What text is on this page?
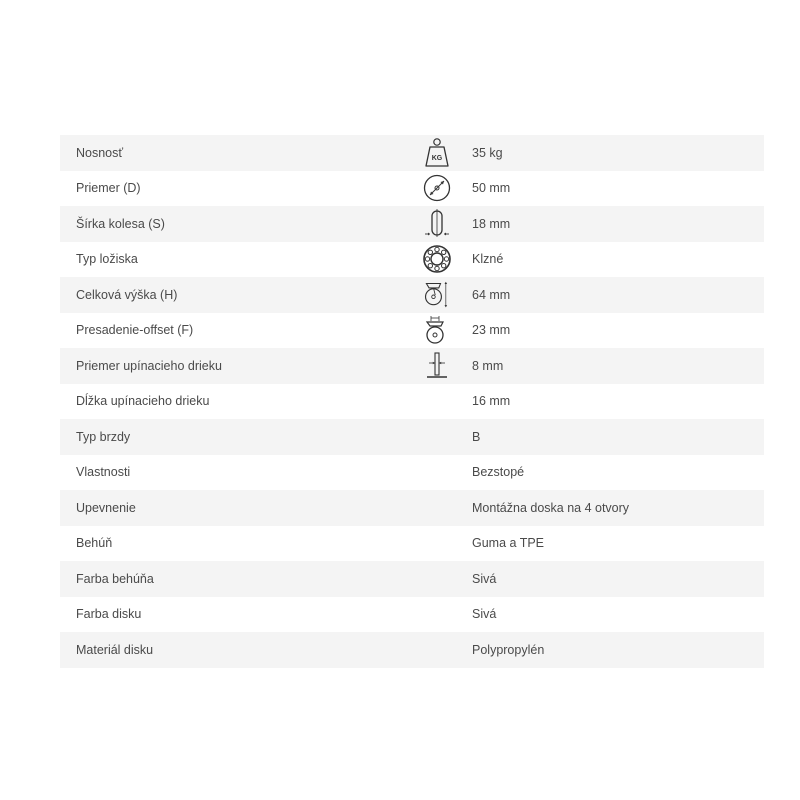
Nosnosť	KG 35 kg
Priemer (D)	50 mm
Šírka kolesa (S)	18 mm
Typ ložiska	Klzné
Celková výška (H)	64 mm
Presadenie-offset (F)	23 mm
Priemer upínacieho drieku	8 mm
Dĺžka upínacieho drieku	16 mm
Typ brzdy	B
Vlastnosti	Bezstopé
Upevnenie	Montážna doska na 4 otvory
Behúň	Guma a TPE
Farba behúňa	Sivá
Farba disku	Sivá
Materiál disku	Polypropylén
